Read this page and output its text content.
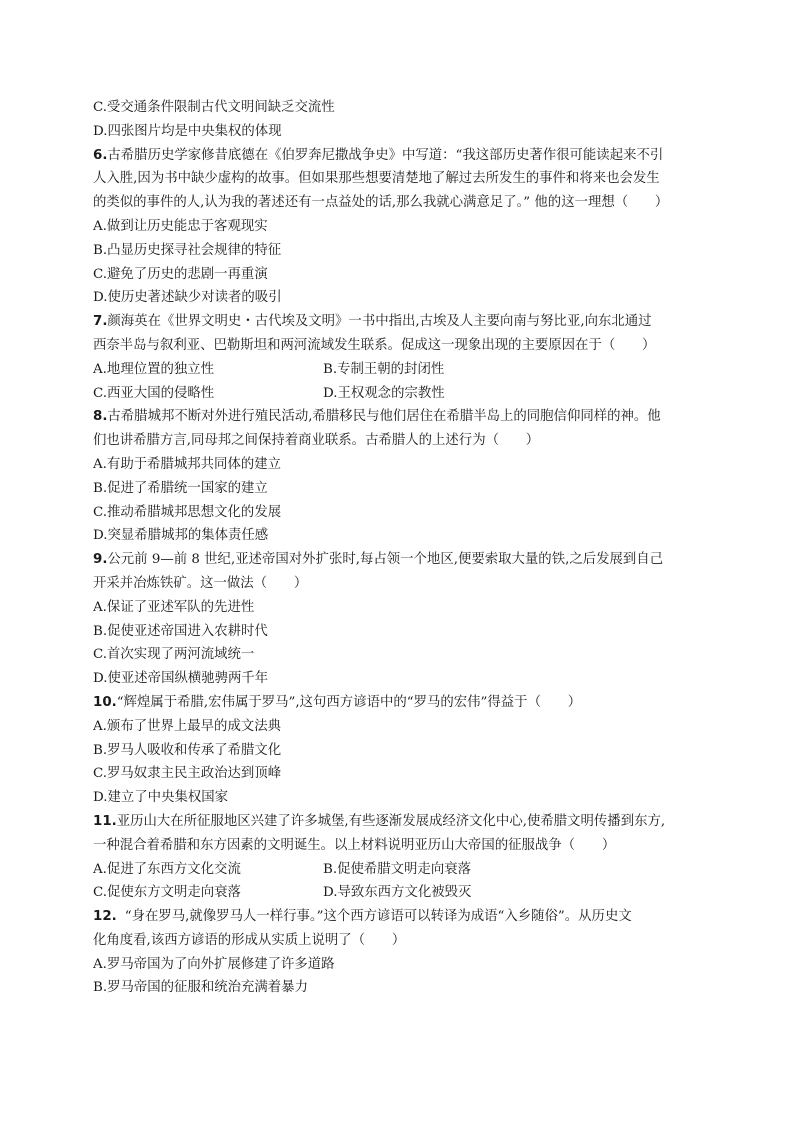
C.受交通条件限制古代文明间缺乏交流性
D.四张图片均是中央集权的体现
6.古希腊历史学家修昔底德在《伯罗奔尼撒战争史》中写道：“我这部历史著作很可能读起来不引
人入胜,因为书中缺少虚构的故事。但如果那些想要清楚地了解过去所发生的事件和将来也会发生
的类似的事件的人,认为我的著述还有一点益处的话,那么我就心满意足了。” 他的这一理想（　　）
A.做到让历史能忠于客观现实
B.凸显历史探寻社会规律的特征
C.避免了历史的悲剧一再重演
D.使历史著述缺少对读者的吸引
7.颜海英在《世界文明史・古代埃及文明》一书中指出,古埃及人主要向南与努比亚,向东北通过
西奈半岛与叙利亚、巴勒斯坦和两河流域发生联系。促成这一现象出现的主要原因在于（　　）
A.地理位置的独立性	B.专制王朝的封闭性
C.西亚大国的侵略性	D.王权观念的宗教性
8.古希腊城邦不断对外进行殖民活动,希腊移民与他们居住在希腊半岛上的同胞信仰同样的神。他
们也讲希腊方言,同母邦之间保持着商业联系。古希腊人的上述行为（　　）
A.有助于希腊城邦共同体的建立
B.促进了希腊统一国家的建立
C.推动希腊城邦思想文化的发展
D.突显希腊城邦的集体责任感
9.公元前 9—前 8 世纪,亚述帝国对外扩张时,每占领一个地区,便要索取大量的铁,之后发展到自己
开采并冶炼铁矿。这一做法（　　）
A.保证了亚述军队的先进性
B.促使亚述帝国进入农耕时代
C.首次实现了两河流域统一
D.使亚述帝国纵横驰骋两千年
10.“辉煌属于希腊,宏伟属于罗马”,这句西方谚语中的“罗马的宏伟”得益于（　　）
A.颁布了世界上最早的成文法典
B.罗马人吸收和传承了希腊文化
C.罗马奴隶主民主政治达到顶峰
D.建立了中央集权国家
11.亚历山大在所征服地区兴建了许多城堡,有些逐渐发展成经济文化中心,使希腊文明传播到东方,
一种混合着希腊和东方因素的文明诞生。以上材料说明亚历山大帝国的征服战争（　　）
A.促进了东西方文化交流	B.促使希腊文明走向衰落
C.促使东方文明走向衰落	D.导致东西方文化被毁灭
12. “身在罗马,就像罗马人一样行事。”这个西方谚语可以转译为成语“入乡随俗”。从历史文
化角度看,该西方谚语的形成从实质上说明了（　　）
A.罗马帝国为了向外扩展修建了许多道路
B.罗马帝国的征服和统治充满着暴力
